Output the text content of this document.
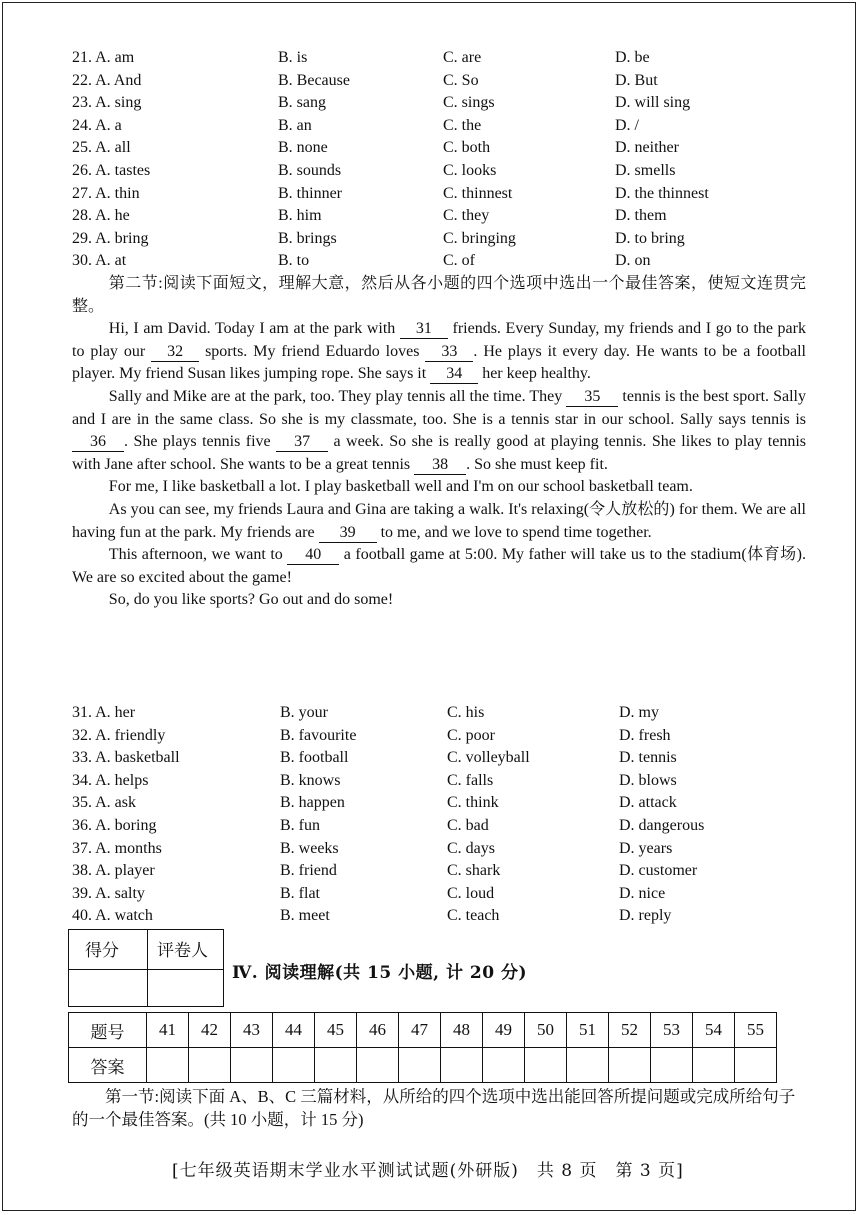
21. A. am	B. is	C. are	D. be
22. A. And	B. Because	C. So	D. But
23. A. sing	B. sang	C. sings	D. will sing
24. A. a	B. an	C. the	D. /
25. A. all	B. none	C. both	D. neither
26. A. tastes	B. sounds	C. looks	D. smells
27. A. thin	B. thinner	C. thinnest	D. the thinnest
28. A. he	B. him	C. they	D. them
29. A. bring	B. brings	C. bringing	D. to bring
30. A. at	B. to	C. of	D. on

第二节:阅读下面短文，理解大意，然后从各小题的四个选项中选出一个最佳答案，使短文连贯完整。

Hi, I am David. Today I am at the park with 31 friends. Every Sunday, my friends and I go to the park to play our 32 sports. My friend Eduardo loves 33 . He plays it every day. He wants to be a football player. My friend Susan likes jumping rope. She says it 34 her keep healthy.

Sally and Mike are at the park, too. They play tennis all the time. They 35 tennis is the best sport. Sally and I are in the same class. So she is my classmate, too. She is a tennis star in our school. Sally says tennis is 36 . She plays tennis five 37 a week. So she is really good at playing tennis. She likes to play tennis with Jane after school. She wants to be a great tennis 38 . So she must keep fit.

For me, I like basketball a lot. I play basketball well and I'm on our school basketball team.

As you can see, my friends Laura and Gina are taking a walk. It's relaxing(令人放松的) for them. We are all having fun at the park. My friends are 39 to me, and we love to spend time together.

This afternoon, we want to 40 a football game at 5:00. My father will take us to the stadium(体育场). We are so excited about the game!

So, do you like sports? Go out and do some!

31. A. her	B. your	C. his	D. my
32. A. friendly	B. favourite	C. poor	D. fresh
33. A. basketball	B. football	C. volleyball	D. tennis
34. A. helps	B. knows	C. falls	D. blows
35. A. ask	B. happen	C. think	D. attack
36. A. boring	B. fun	C. bad	D. dangerous
37. A. months	B. weeks	C. days	D. years
38. A. player	B. friend	C. shark	D. customer
39. A. salty	B. flat	C. loud	D. nice
40. A. watch	B. meet	C. teach	D. reply
得分 评卷人
Ⅳ. 阅读理解(共 15 小题, 计 20 分)
题号	41	42	43	44	45	46	47	48	49	50	51	52	53	54	55
答案															
第一节:阅读下面 A、B、C 三篇材料，从所给的四个选项中选出能回答所提问题或完成所给句子的一个最佳答案。(共 10 小题，计 15 分)
[七年级英语期末学业水平测试试题(外研版)　共 8 页　第 3 页]
